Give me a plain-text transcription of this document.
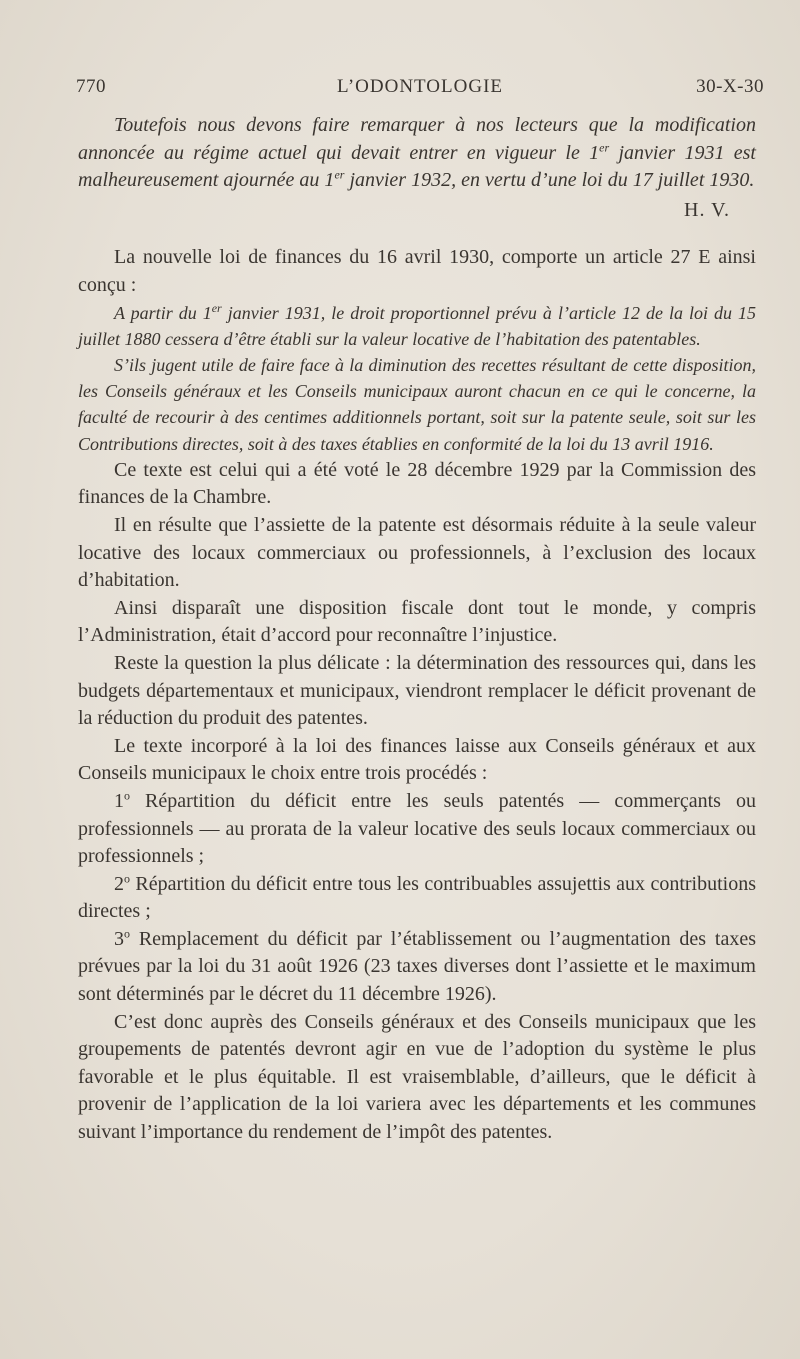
770	L’ODONTOLOGIE	30-X-30

Toutefois nous devons faire remarquer à nos lecteurs que la modification annoncée au régime actuel qui devait entrer en vigueur le 1er janvier 1931 est malheureusement ajournée au 1er janvier 1932, en vertu d’une loi du 17 juillet 1930.

H. V.

La nouvelle loi de finances du 16 avril 1930, comporte un article 27 E ainsi conçu :

A partir du 1er janvier 1931, le droit proportionnel prévu à l’article 12 de la loi du 15 juillet 1880 cessera d’être établi sur la valeur locative de l’habitation des patentables.

S’ils jugent utile de faire face à la diminution des recettes résultant de cette disposition, les Conseils généraux et les Conseils municipaux auront chacun en ce qui le concerne, la faculté de recourir à des centimes additionnels portant, soit sur la patente seule, soit sur les Contributions directes, soit à des taxes établies en conformité de la loi du 13 avril 1916.

Ce texte est celui qui a été voté le 28 décembre 1929 par la Commission des finances de la Chambre.

Il en résulte que l’assiette de la patente est désormais réduite à la seule valeur locative des locaux commerciaux ou professionnels, à l’exclusion des locaux d’habitation.

Ainsi disparaît une disposition fiscale dont tout le monde, y compris l’Administration, était d’accord pour reconnaître l’injustice.

Reste la question la plus délicate : la détermination des ressources qui, dans les budgets départementaux et municipaux, viendront remplacer le déficit provenant de la réduction du produit des patentes.

Le texte incorporé à la loi des finances laisse aux Conseils généraux et aux Conseils municipaux le choix entre trois procédés :

1$^o$ Répartition du déficit entre les seuls patentés — commerçants ou professionnels — au prorata de la valeur locative des seuls locaux commerciaux ou professionnels ;

2$^o$ Répartition du déficit entre tous les contribuables assujettis aux contributions directes ;

3$^o$ Remplacement du déficit par l’établissement ou l’augmentation des taxes prévues par la loi du 31 août 1926 (23 taxes diverses dont l’assiette et le maximum sont déterminés par le décret du 11 décembre 1926).

C’est donc auprès des Conseils généraux et des Conseils municipaux que les groupements de patentés devront agir en vue de l’adoption du système le plus favorable et le plus équitable. Il est vraisemblable, d’ailleurs, que le déficit à provenir de l’application de la loi variera avec les départements et les communes suivant l’importance du rendement de l’impôt des patentes.
